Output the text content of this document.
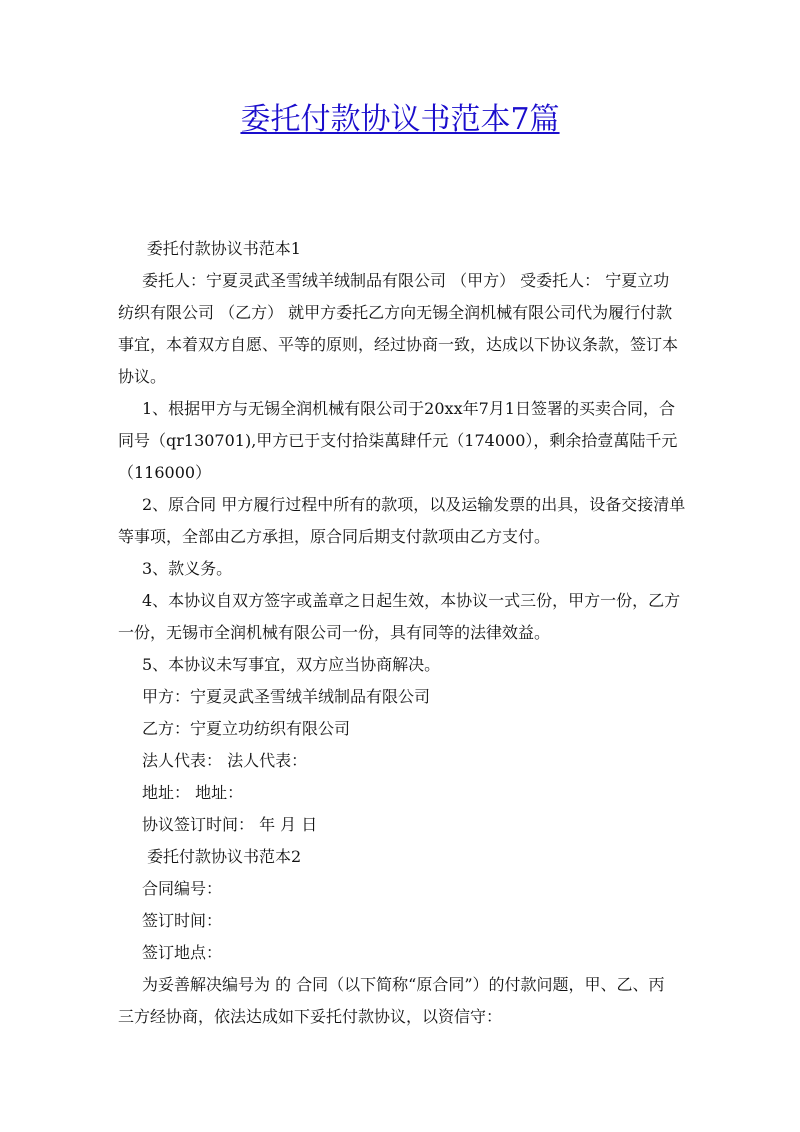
委托付款协议书范本7篇
委托付款协议书范本1
委托人：宁夏灵武圣雪绒羊绒制品有限公司 （甲方） 受委托人： 宁夏立功
纺织有限公司 （乙方） 就甲方委托乙方向无锡全润机械有限公司代为履行付款
事宜，本着双方自愿、平等的原则，经过协商一致，达成以下协议条款，签订本
协议。
1、根据甲方与无锡全润机械有限公司于20xx年7月1日签署的买卖合同，合
同号（qr130701),甲方已于支付拾柒萬肆仟元（174000），剩余拾壹萬陆千元
（116000）
2、原合同 甲方履行过程中所有的款项，以及运输发票的出具，设备交接清单
等事项，全部由乙方承担，原合同后期支付款项由乙方支付。
3、款义务。
4、本协议自双方签字或盖章之日起生效，本协议一式三份，甲方一份，乙方
一份，无锡市全润机械有限公司一份，具有同等的法律效益。
5、本协议未写事宜，双方应当协商解决。
甲方：宁夏灵武圣雪绒羊绒制品有限公司
乙方：宁夏立功纺织有限公司
法人代表： 法人代表：
地址： 地址：
协议签订时间： 年 月 日
委托付款协议书范本2
合同编号：
签订时间：
签订地点：
为妥善解决编号为 的 合同（以下简称“原合同”）的付款问题，甲、乙、丙
三方经协商，依法达成如下妥托付款协议，以资信守：
